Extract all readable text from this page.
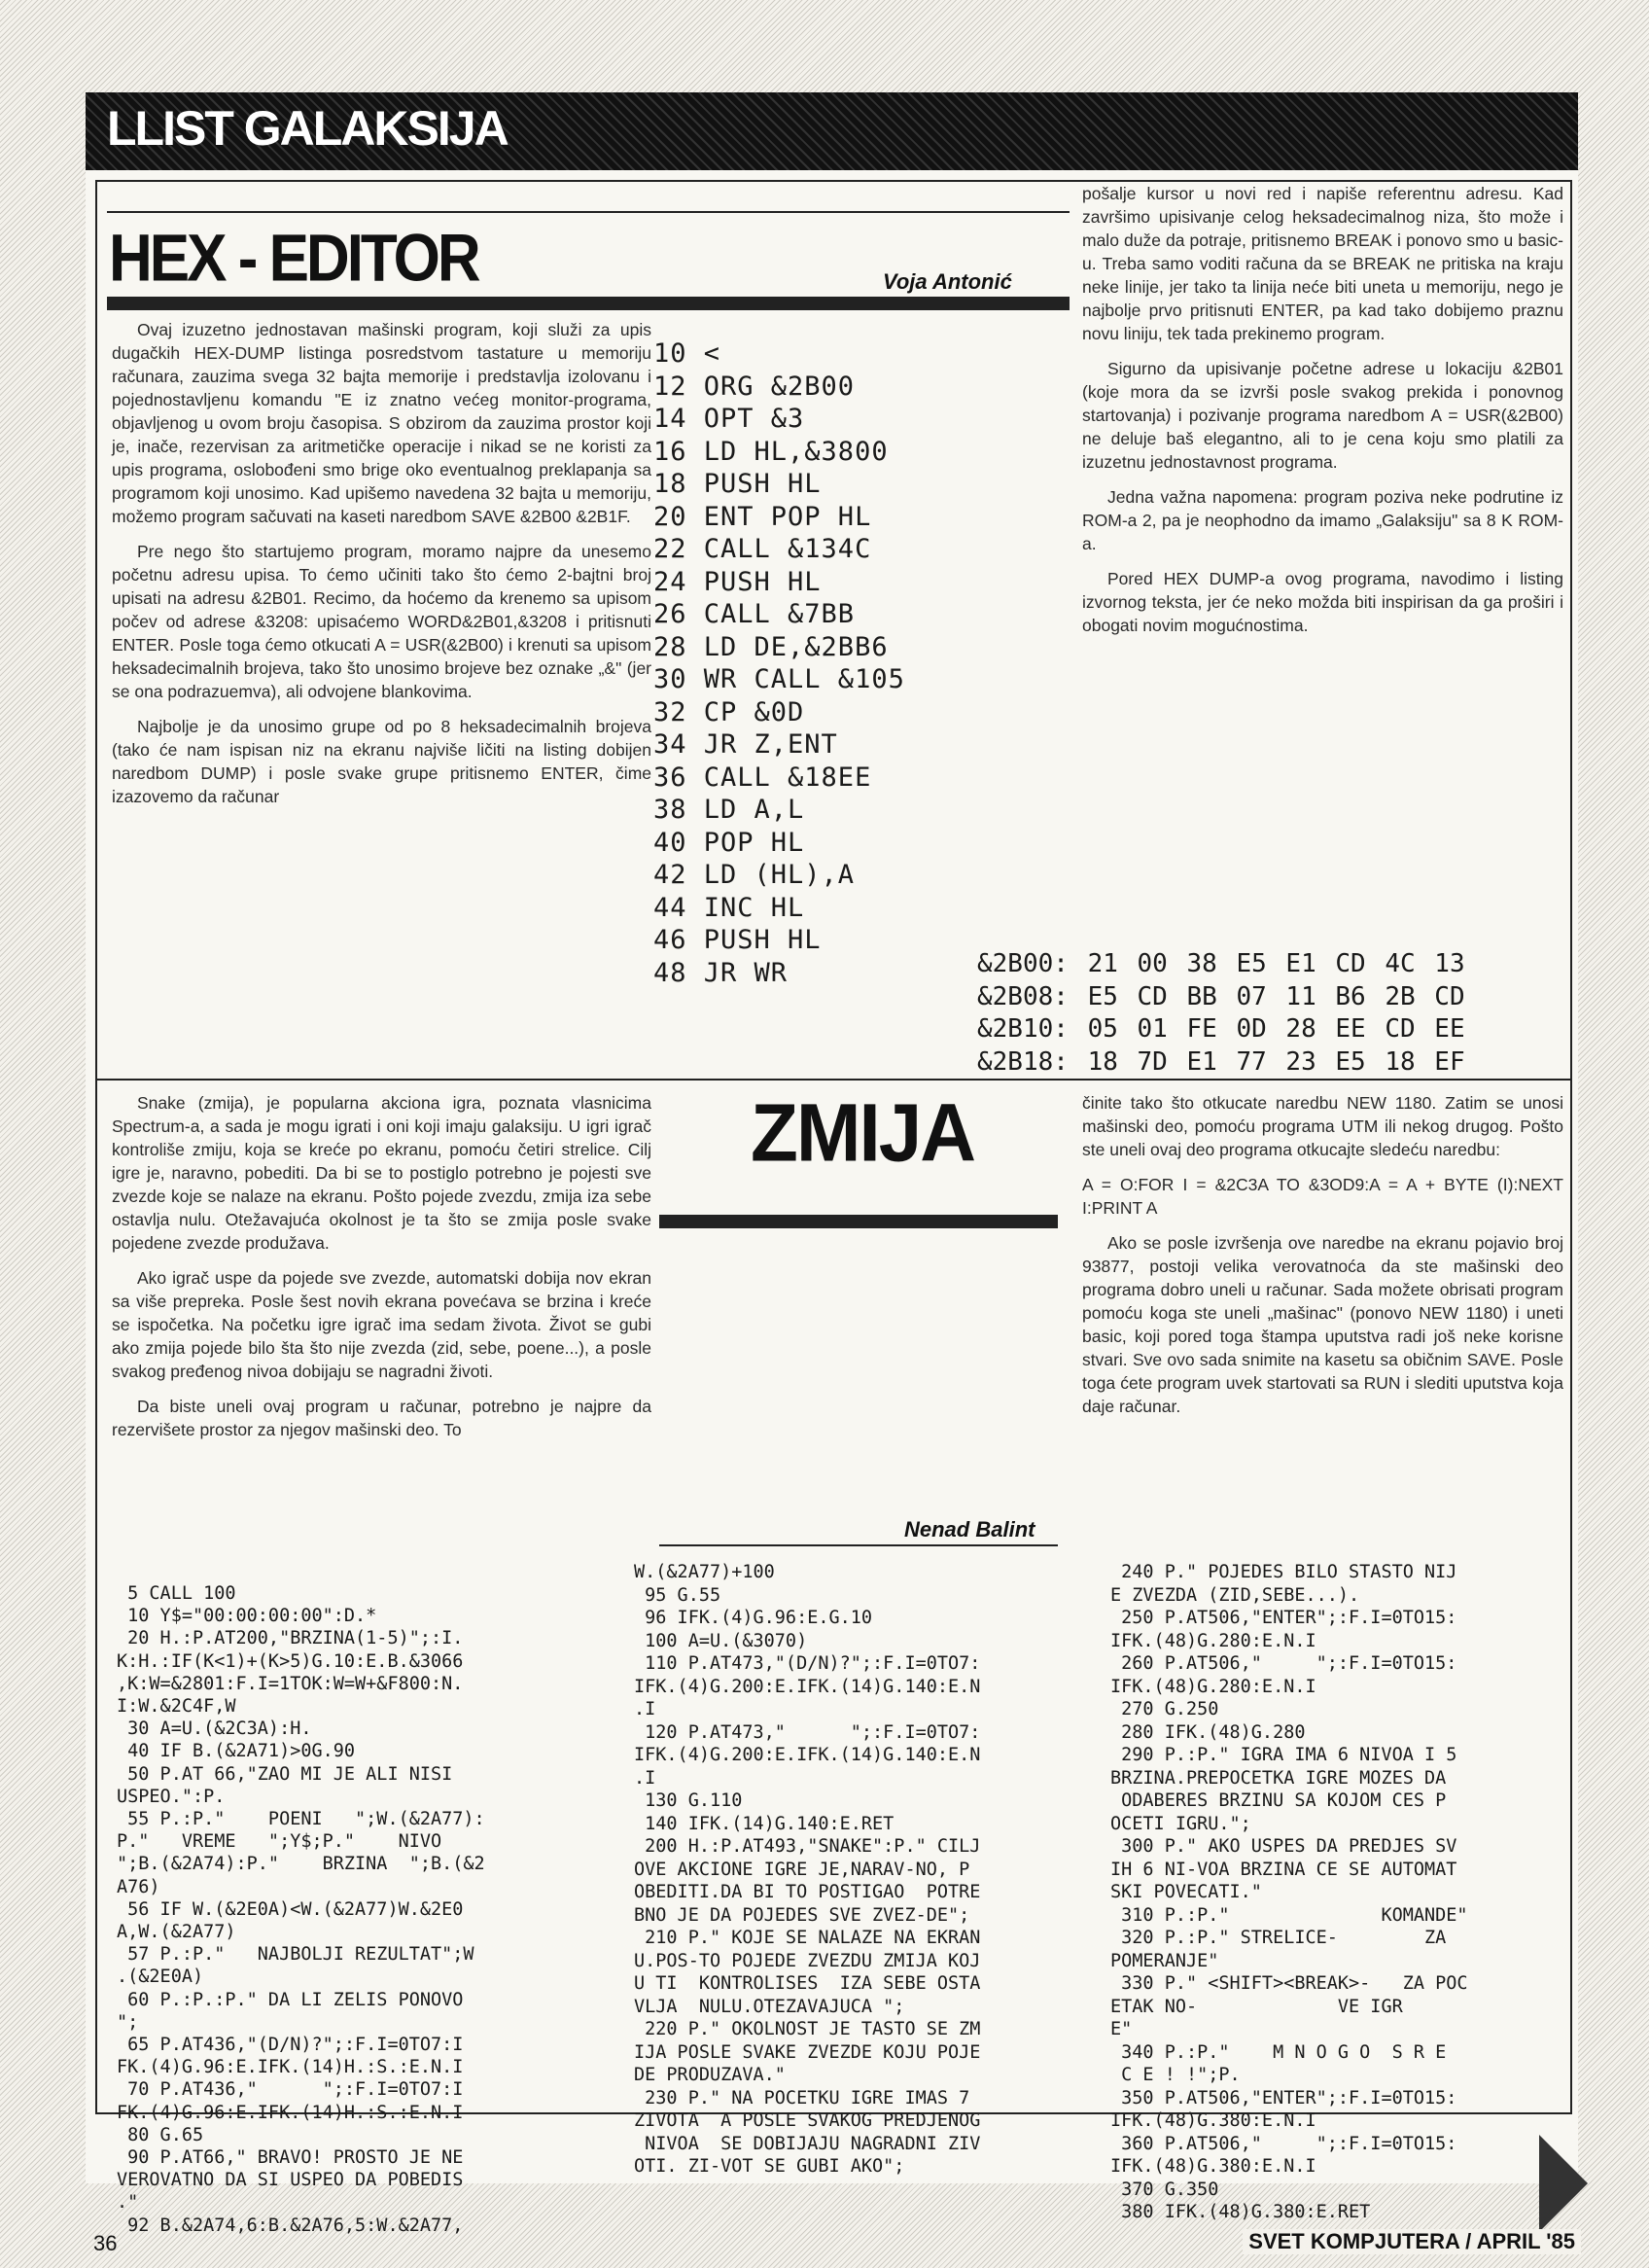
LLIST GALAKSIJA
HEX - EDITOR	Voja Antonić

Ovaj izuzetno jednostavan mašinski program, koji služi za upis dugačkih HEX-DUMP listinga posredstvom tastature u memoriju računara, zauzima svega 32 bajta memorije i predstavlja izolovanu i pojednostavljenu komandu "E iz znatno većeg monitor-programa, objavljenog u ovom broju časopisa. S obzirom da zauzima prostor koji je, inače, rezervisan za aritmetičke operacije i nikad se ne koristi za upis programa, oslobođeni smo brige oko eventualnog preklapanja sa programom koji unosimo. Kad upišemo navedena 32 bajta u memoriju, možemo program sačuvati na kaseti naredbom SAVE &2B00 &2B1F.

Pre nego što startujemo program, moramo najpre da unesemo početnu adresu upisa. To ćemo učiniti tako što ćemo 2-bajtni broj upisati na adresu &2B01. Recimo, da hoćemo da krenemo sa upisom počev od adrese &3208: upisaćemo WORD&2B01,&3208 i pritisnuti ENTER. Posle toga ćemo otkucati A = USR(&2B00) i krenuti sa upisom heksadecimalnih brojeva, tako što unosimo brojeve bez oznake „&" (jer se ona podrazuemva), ali odvojene blankovima.

Najbolje je da unosimo grupe od po 8 heksadecimalnih brojeva (tako će nam ispisan niz na ekranu najviše ličiti na listing dobijen naredbom DUMP) i posle svake grupe pritisnemo ENTER, čime izazovemo da računar

10 <
12 ORG &2B00
14 OPT &3
16 LD HL,&3800
18 PUSH HL
20 ENT POP HL
22 CALL &134C
24 PUSH HL
26 CALL &7BB
28 LD DE,&2BB6
30 WR CALL &105
32 CP &0D
34 JR Z,ENT
36 CALL &18EE
38 LD A,L
40 POP HL
42 LD (HL),A
44 INC HL
46 PUSH HL
48 JR WR

pošalje kursor u novi red i napiše referentnu adresu. Kad završimo upisivanje celog heksadecimalnog niza, što može i malo duže da potraje, pritisnemo BREAK i ponovo smo u basic-u. Treba samo voditi računa da se BREAK ne pritiska na kraju neke linije, jer tako ta linija neće biti uneta u memoriju, nego je najbolje prvo pritisnuti ENTER, pa kad tako dobijemo praznu novu liniju, tek tada prekinemo program.

Sigurno da upisivanje početne adrese u lokaciju &2B01 (koje mora da se izvrši posle svakog prekida i ponovnog startovanja) i pozivanje programa naredbom A = USR(&2B00) ne deluje baš elegantno, ali to je cena koju smo platili za izuzetnu jednostavnost programa.

Jedna važna napomena: program poziva neke podrutine iz ROM-a 2, pa je neophodno da imamo „Galaksiju" sa 8 K ROM-a.

Pored HEX DUMP-a ovog programa, navodimo i listing izvornog teksta, jer će neko možda biti inspirisan da ga proširi i obogati novim mogućnostima.

&2B00: 21 00 38 E5 E1 CD 4C 13
&2B08: E5 CD BB 07 11 B6 2B CD
&2B10: 05 01 FE 0D 28 EE CD EE
&2B18: 18 7D E1 77 23 E5 18 EF

Snake (zmija), je popularna akciona igra, poznata vlasnicima Spectrum-a, a sada je mogu igrati i oni koji imaju galaksiju. U igri igrač kontroliše zmiju, koja se kreće po ekranu, pomoću četiri strelice. Cilj igre je, naravno, pobediti. Da bi se to postiglo potrebno je pojesti sve zvezde koje se nalaze na ekranu. Pošto pojede zvezdu, zmija iza sebe ostavlja nulu. Otežavajuća okolnost je ta što se zmija posle svake pojedene zvezde produžava.

Ako igrač uspe da pojede sve zvezde, automatski dobija nov ekran sa više prepreka. Posle šest novih ekrana povećava se brzina i kreće se ispočetka. Na početku igre igrač ima sedam života. Život se gubi ako zmija pojede bilo šta što nije zvezda (zid, sebe, poene...), a posle svakog pređenog nivoa dobijaju se nagradni životi.

Da biste uneli ovaj program u računar, potrebno je najpre da rezervišete prostor za njegov mašinski deo. To

ZMIJA
Nenad Balint

činite tako što otkucate naredbu NEW 1180. Zatim se unosi mašinski deo, pomoću programa UTM ili nekog drugog. Pošto ste uneli ovaj deo programa otkucajte sledeću naredbu:

A = O:FOR I = &2C3A TO &3OD9:A = A + BYTE (I):NEXT I:PRINT A

Ako se posle izvršenja ove naredbe na ekranu pojavio broj 93877, postoji velika verovatnoća da ste mašinski deo programa dobro uneli u računar. Sada možete obrisati program pomoću koga ste uneli „mašinac" (ponovo NEW 1180) i uneti basic, koji pored toga štampa uputstva radi još neke korisne stvari. Sve ovo sada snimite na kasetu sa običnim SAVE. Posle toga ćete program uvek startovati sa RUN i slediti uputstva koja daje računar.

5 CALL 100
10 Y$="00:00:00:00":D.*
20 H.:P.AT200,"BRZINA(1-5)";:I.
K:H.:IF(K<1)+(K>5)G.10:E.B.&3066
,K:W=&2801:F.I=1TOK:W=W+&F800:N.
I:W.&2C4F,W
30 A=U.(&2C3A):H.
40 IF B.(&2A71)>0G.90
50 P.AT 66,"ZAO MI JE ALI NISI
USPEO.":P.
55 P.:P."    POENI   ";W.(&2A77):
P."   VREME   ";Y$;P."    NIVO
";B.(&2A74):P."    BRZINA  ";B.(&2
A76)
56 IF W.(&2E0A)<W.(&2A77)W.&2E0
A,W.(&2A77)
57 P.:P."   NAJBOLJI REZULTAT";W
.(&2E0A)
60 P.:P.:P." DA LI ZELIS PONOVO
";
65 P.AT436,"(D/N)?";:F.I=0TO7:I
FK.(4)G.96:E.IFK.(14)H.:S.:E.N.I
70 P.AT436,"      ";:F.I=0TO7:I
FK.(4)G.96:E.IFK.(14)H.:S.:E.N.I
80 G.65
90 P.AT66," BRAVO! PROSTO JE NE
VEROVATNO DA SI USPEO DA POBEDIS
."
92 B.&2A74,6:B.&2A76,5:W.&2A77,
W.(&2A77)+100
95 G.55
96 IFK.(4)G.96:E.G.10
100 A=U.(&3070)
110 P.AT473,"(D/N)?";:F.I=0TO7:
IFK.(4)G.200:E.IFK.(14)G.140:E.N
.I
120 P.AT473,"      ";:F.I=0TO7:
IFK.(4)G.200:E.IFK.(14)G.140:E.N
.I
130 G.110
140 IFK.(14)G.140:E.RET
200 H.:P.AT493,"SNAKE":P." CILJ
OVE AKCIONE IGRE JE,NARAV-NO, P
OBEDITI.DA BI TO POSTIGAO  POTRE
BNO JE DA POJEDES SVE ZVEZ-DE";
210 P." KOJE SE NALAZE NA EKRAN
U.POS-TO POJEDE ZVEZDU ZMIJA KOJ
U TI  KONTROLISES  IZA SEBE OSTA
VLJA  NULU.OTEZAVAJUCA ";
220 P." OKOLNOST JE TASTO SE ZM
IJA POSLE SVAKE ZVEZDE KOJU POJE
DE PRODUZAVA."
230 P." NA POCETKU IGRE IMAS 7
ZIVOTA  A POSLE SVAKOG PREDJENOG
NIVOA  SE DOBIJAJU NAGRADNI ZIV
OTI. ZI-VOT SE GUBI AKO";
240 P." POJEDES BILO STASTO NIJ
E ZVEZDA (ZID,SEBE...).
250 P.AT506,"ENTER";:F.I=0TO15:
IFK.(48)G.280:E.N.I
260 P.AT506,"     ";:F.I=0TO15:
IFK.(48)G.280:E.N.I
270 G.250
280 IFK.(48)G.280
290 P.:P." IGRA IMA 6 NIVOA I 5
BRZINA.PREPOCETKA IGRE MOZES DA
ODABERES BRZINU SA KOJOM CES P
OCETI IGRU.";
300 P." AKO USPES DA PREDJES SV
IH 6 NI-VOA BRZINA CE SE AUTOMAT
SKI POVECATI."
310 P.:P."              KOMANDE"
320 P.:P." STRELICE-        ZA
POMERANJE"
330 P." <SHIFT><BREAK>-   ZA POC
ETAK NO-             VE IGR
E"
340 P.:P."    M N O G O  S R E
C E ! !";P.
350 P.AT506,"ENTER";:F.I=0TO15:
IFK.(48)G.380:E.N.I
360 P.AT506,"     ";:F.I=0TO15:
IFK.(48)G.380:E.N.I
370 G.350
380 IFK.(48)G.380:E.RET
36	SVET KOMPJUTERA / APRIL '85
